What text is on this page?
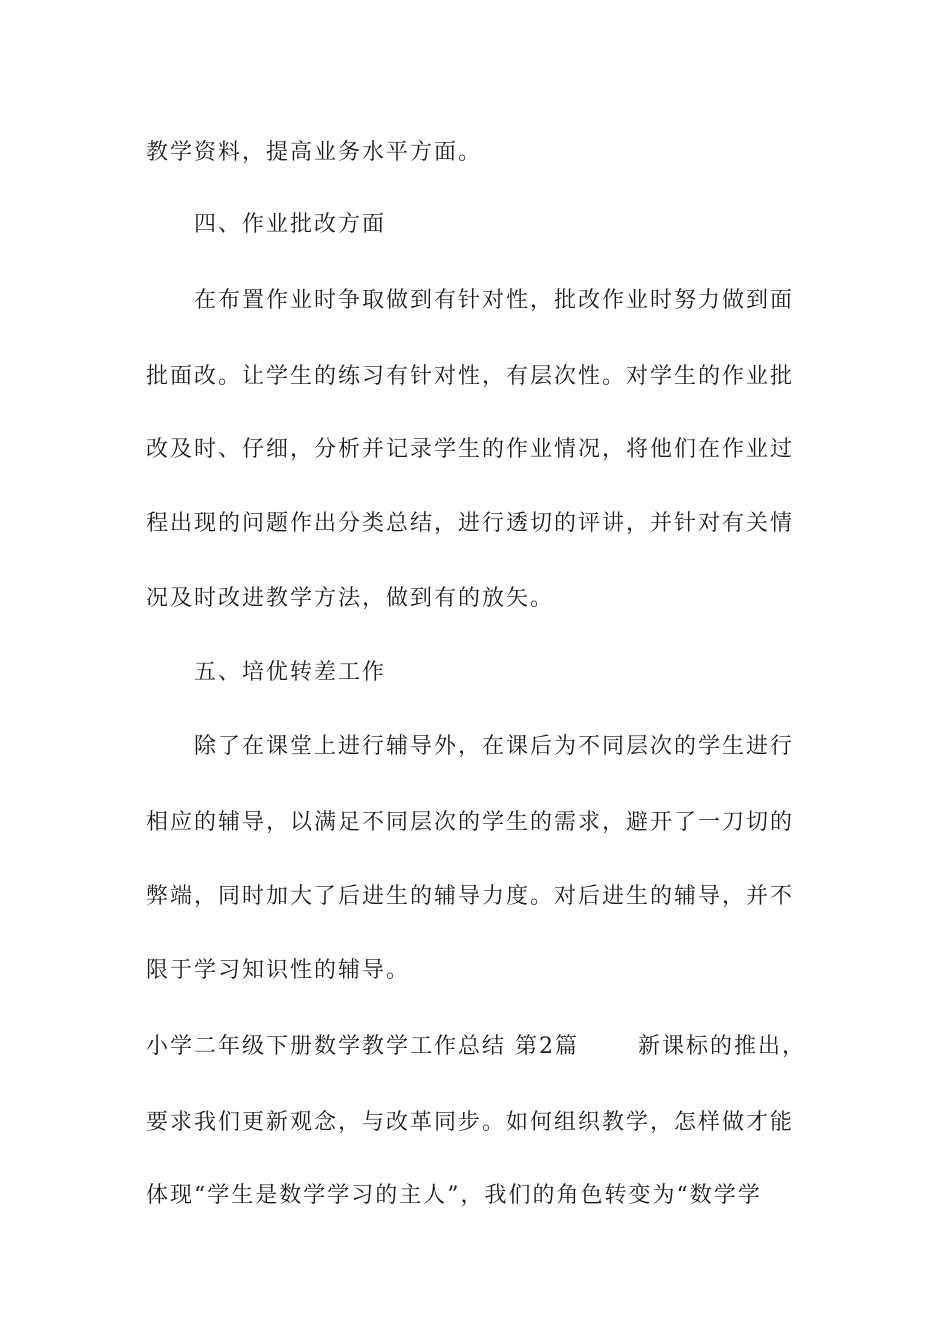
教学资料，提高业务水平方面。
四、作业批改方面
在布置作业时争取做到有针对性，批改作业时努力做到面
批面改。让学生的练习有针对性，有层次性。对学生的作业批
改及时、仔细，分析并记录学生的作业情况，将他们在作业过
程出现的问题作出分类总结，进行透切的评讲，并针对有关情
况及时改进教学方法，做到有的放矢。
五、培优转差工作
除了在课堂上进行辅导外，在课后为不同层次的学生进行
相应的辅导，以满足不同层次的学生的需求，避开了一刀切的
弊端，同时加大了后进生的辅导力度。对后进生的辅导，并不
限于学习知识性的辅导。
小学二年级下册数学教学工作总结 第2篇	新课标的推出，
要求我们更新观念，与改革同步。如何组织教学，怎样做才能
体现“学生是数学学习的主人”，我们的角色转变为“数学学
